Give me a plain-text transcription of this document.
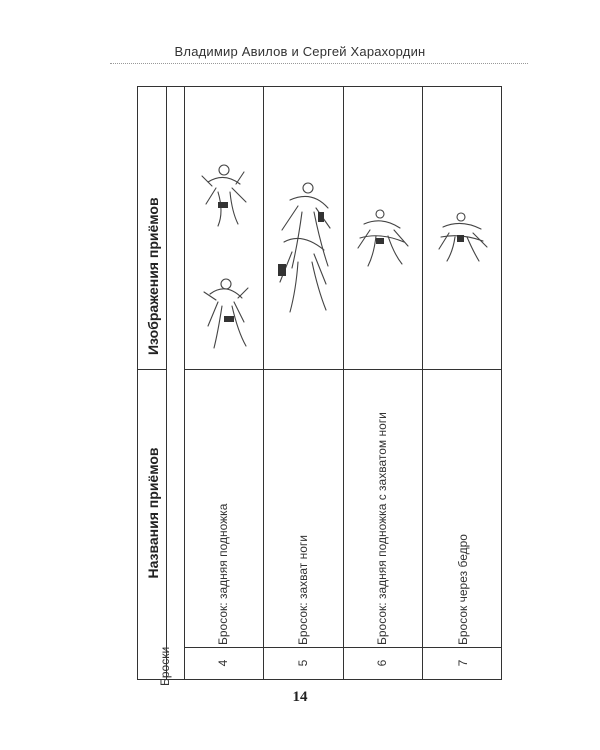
Владимир Авилов и Сергей Харахордин
Изображения приёмов
Названия приёмов
Броски	4
Бросок: задняя подножка
5
Бросок: захват ноги
6
Бросок: задняя подножка с захватом ноги
7
Бросок через бедро
14
